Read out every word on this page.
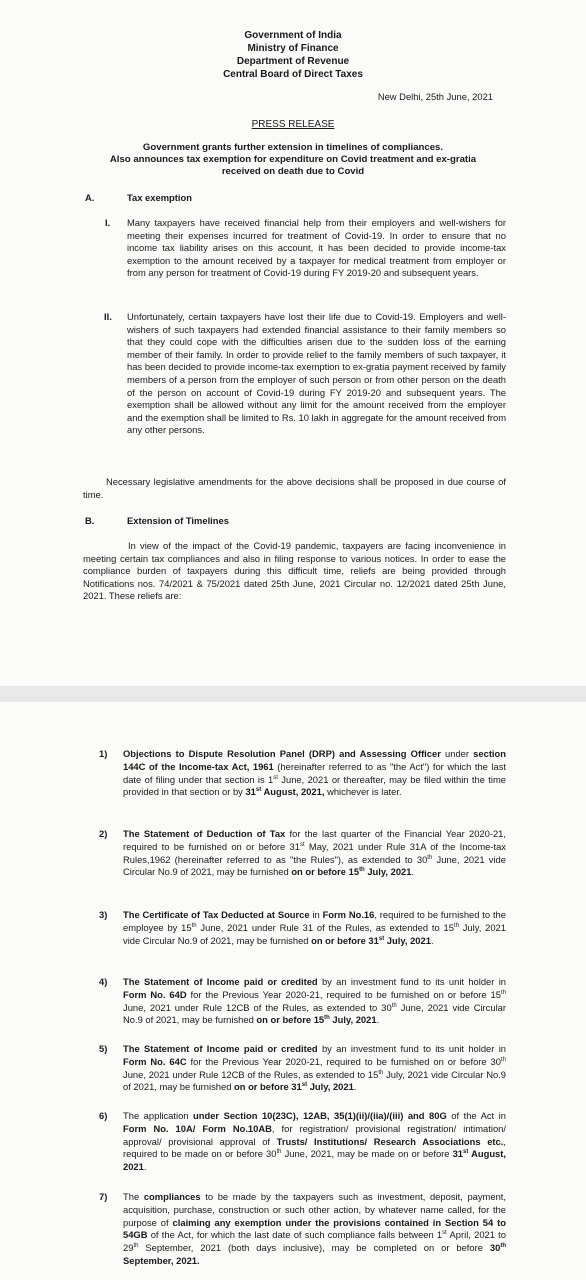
Government of India
Ministry of Finance
Department of Revenue
Central Board of Direct Taxes
New Delhi, 25th June, 2021
PRESS RELEASE
Government grants further extension in timelines of compliances.
Also announces tax exemption for expenditure on Covid treatment and ex-gratia
received on death due to Covid
A.	Tax exemption
I. Many taxpayers have received financial help from their employers and well-wishers for meeting their expenses incurred for treatment of Covid-19. In order to ensure that no income tax liability arises on this account, it has been decided to provide income-tax exemption to the amount received by a taxpayer for medical treatment from employer or from any person for treatment of Covid-19 during FY 2019-20 and subsequent years.
II. Unfortunately, certain taxpayers have lost their life due to Covid-19. Employers and well-wishers of such taxpayers had extended financial assistance to their family members so that they could cope with the difficulties arisen due to the sudden loss of the earning member of their family. In order to provide relief to the family members of such taxpayer, it has been decided to provide income-tax exemption to ex-gratia payment received by family members of a person from the employer of such person or from other person on the death of the person on account of Covid-19 during FY 2019-20 and subsequent years. The exemption shall be allowed without any limit for the amount received from the employer and the exemption shall be limited to Rs. 10 lakh in aggregate for the amount received from any other persons.
Necessary legislative amendments for the above decisions shall be proposed in due course of time.
B.	Extension of Timelines
In view of the impact of the Covid-19 pandemic, taxpayers are facing inconvenience in meeting certain tax compliances and also in filing response to various notices. In order to ease the compliance burden of taxpayers during this difficult time, reliefs are being provided through Notifications nos. 74/2021 & 75/2021 dated 25th June, 2021 Circular no. 12/2021 dated 25th June, 2021. These reliefs are:
1) Objections to Dispute Resolution Panel (DRP) and Assessing Officer under section 144C of the Income-tax Act, 1961 (hereinafter referred to as "the Act") for which the last date of filing under that section is 1st June, 2021 or thereafter, may be filed within the time provided in that section or by 31st August, 2021, whichever is later.
2) The Statement of Deduction of Tax for the last quarter of the Financial Year 2020-21, required to be furnished on or before 31st May, 2021 under Rule 31A of the Income-tax Rules,1962 (hereinafter referred to as "the Rules"), as extended to 30th June, 2021 vide Circular No.9 of 2021, may be furnished on or before 15th July, 2021.
3) The Certificate of Tax Deducted at Source in Form No.16, required to be furnished to the employee by 15th June, 2021 under Rule 31 of the Rules, as extended to 15th July, 2021 vide Circular No.9 of 2021, may be furnished on or before 31st July, 2021.
4) The Statement of Income paid or credited by an investment fund to its unit holder in Form No. 64D for the Previous Year 2020-21, required to be furnished on or before 15th June, 2021 under Rule 12CB of the Rules, as extended to 30th June, 2021 vide Circular No.9 of 2021, may be furnished on or before 15th July, 2021.
5) The Statement of Income paid or credited by an investment fund to its unit holder in Form No. 64C for the Previous Year 2020-21, required to be furnished on or before 30th June, 2021 under Rule 12CB of the Rules, as extended to 15th July, 2021 vide Circular No.9 of 2021, may be furnished on or before 31st July, 2021.
6) The application under Section 10(23C), 12AB, 35(1)(ii)/(iia)/(iii) and 80G of the Act in Form No. 10A/ Form No.10AB, for registration/ provisional registration/ intimation/ approval/ provisional approval of Trusts/ Institutions/ Research Associations etc., required to be made on or before 30th June, 2021, may be made on or before 31st August, 2021.
7) The compliances to be made by the taxpayers such as investment, deposit, payment, acquisition, purchase, construction or such other action, by whatever name called, for the purpose of claiming any exemption under the provisions contained in Section 54 to 54GB of the Act, for which the last date of such compliance falls between 1st April, 2021 to 29th September, 2021 (both days inclusive), may be completed on or before 30th September, 2021.
